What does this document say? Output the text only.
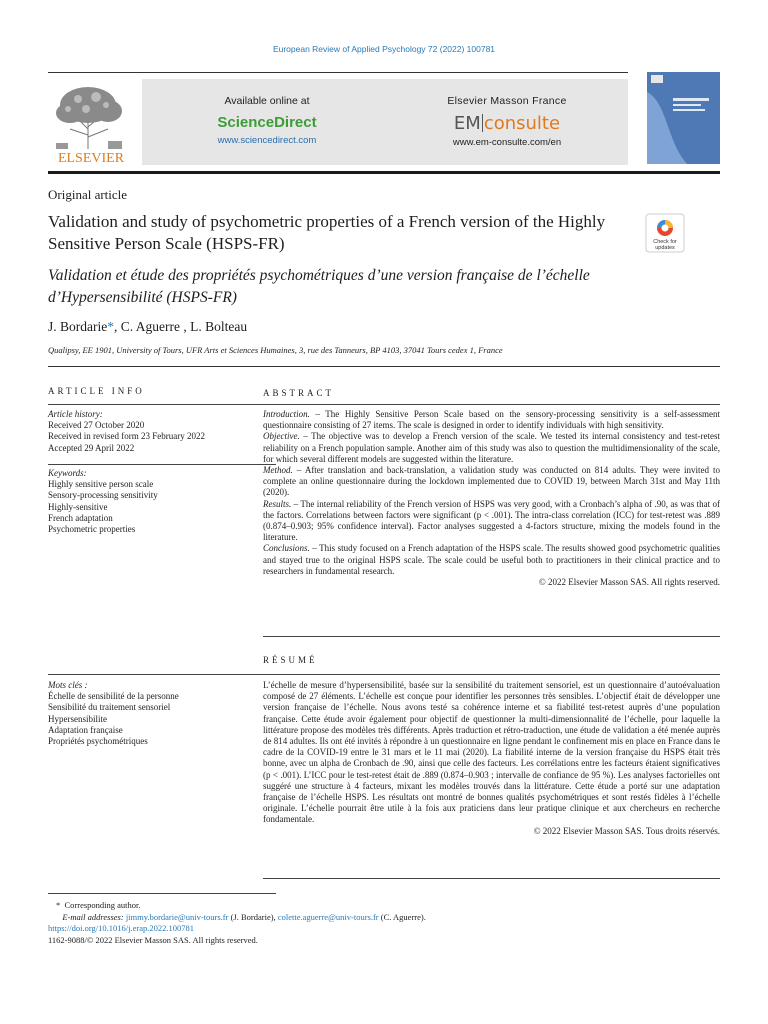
European Review of Applied Psychology 72 (2022) 100781
ELSEVIER
Available online at
ScienceDirect
www.sciencedirect.com
Elsevier Masson France
EM consulte
www.em-consulte.com/en
Original article
Validation and study of psychometric properties of a French version of the Highly Sensitive Person Scale (HSPS-FR)	Check for
updates
Validation et étude des propriétés psychométriques d’une version française de l’échelle d’Hypersensibilité (HSPS-FR)
J. Bordarie*, C. Aguerre , L. Bolteau
Qualipsy, EE 1901, University of Tours, UFR Arts et Sciences Humaines, 3, rue des Tanneurs, BP 4103, 37041 Tours cedex 1, France
ARTICLE INFO	ABSTRACT
Article history:
Received 27 October 2020
Received in revised form 23 February 2022
Accepted 29 April 2022
Keywords:
Highly sensitive person scale
Sensory-processing sensitivity
Highly-sensitive
French adaptation
Psychometric properties

Introduction. – The Highly Sensitive Person Scale based on the sensory-processing sensitivity is a self-assessment questionnaire consisting of 27 items. The scale is designed in order to identify individuals with high sensitivity.

Objective. – The objective was to develop a French version of the scale. We tested its internal consistency and test-retest reliability on a French population sample. Another aim of this study was also to question the multidimensionality of the scale, for which several different models are suggested within the literature.

Method. – After translation and back-translation, a validation study was conducted on 814 adults. They were invited to complete an online questionnaire during the lockdown implemented due to COVID 19, between March 31st and May 11th (2020).

Results. – The internal reliability of the French version of HSPS was very good, with a Cronbach’s alpha of .90, as was that of the factors. Correlations between factors were significant (p < .001). The intra-class correlation (ICC) for test-retest was .889 (0.874–0.903; 95% confidence interval). Factor analyses suggested a 4-factors structure, mixing the models found in the literature.

Conclusions. – This study focused on a French adaptation of the HSPS scale. The results showed good psychometric qualities and stayed true to the original HSPS scale. The scale could be useful both to practitioners in their clinical practice and to researchers in fundamental research.

© 2022 Elsevier Masson SAS. All rights reserved.

RÉSUMÉ
Mots clés :
Échelle de sensibilité de la personne
Sensibilité du traitement sensoriel
Hypersensibilite
Adaptation française
Propriétés psychométriques

L’échelle de mesure d’hypersensibilité, basée sur la sensibilité du traitement sensoriel, est un questionnaire d’autoévaluation composé de 27 éléments. L’échelle est conçue pour identifier les personnes très sensibles. L’objectif était de développer une version française de l’échelle. Nous avons testé sa cohérence interne et sa fiabilité test-retest auprès d’une population française. Cette étude avoir également pour objectif de questionner la multi-dimensionnalité de l’échelle, pour laquelle la littérature propose des modèles très différents. Après traduction et rétro-traduction, une étude de validation a été menée auprès de 814 adultes. Ils ont été invités à répondre à un questionnaire en ligne pendant le confinement mis en place en France dans le cadre de la COVID-19 entre le 31 mars et le 11 mai (2020). La fiabilité interne de la version française du HSPS était très bonne, avec un alpha de Cronbach de .90, ainsi que celle des facteurs. Les corrélations entre les facteurs étaient significatives (p < .001). L’ICC pour le test-retest était de .889 (0.874–0.903 ; intervalle de confiance de 95 %). Les analyses factorielles ont suggéré une structure à 4 facteurs, mixant les modèles trouvés dans la littérature. Cette étude a porté sur une adaptation française de l’échelle HSPS. Les résultats ont montré de bonnes qualités psychométriques et sont restés fidèles à l’échelle originale. L’échelle pourrait être utile à la fois aux praticiens dans leur pratique clinique et aux chercheurs en recherche fondamentale.

© 2022 Elsevier Masson SAS. Tous droits réservés.

* Corresponding author.
E-mail addresses: jimmy.bordarie@univ-tours.fr (J. Bordarie), colette.aguerre@univ-tours.fr (C. Aguerre).
https://doi.org/10.1016/j.erap.2022.100781
1162-9088/© 2022 Elsevier Masson SAS. All rights reserved.
